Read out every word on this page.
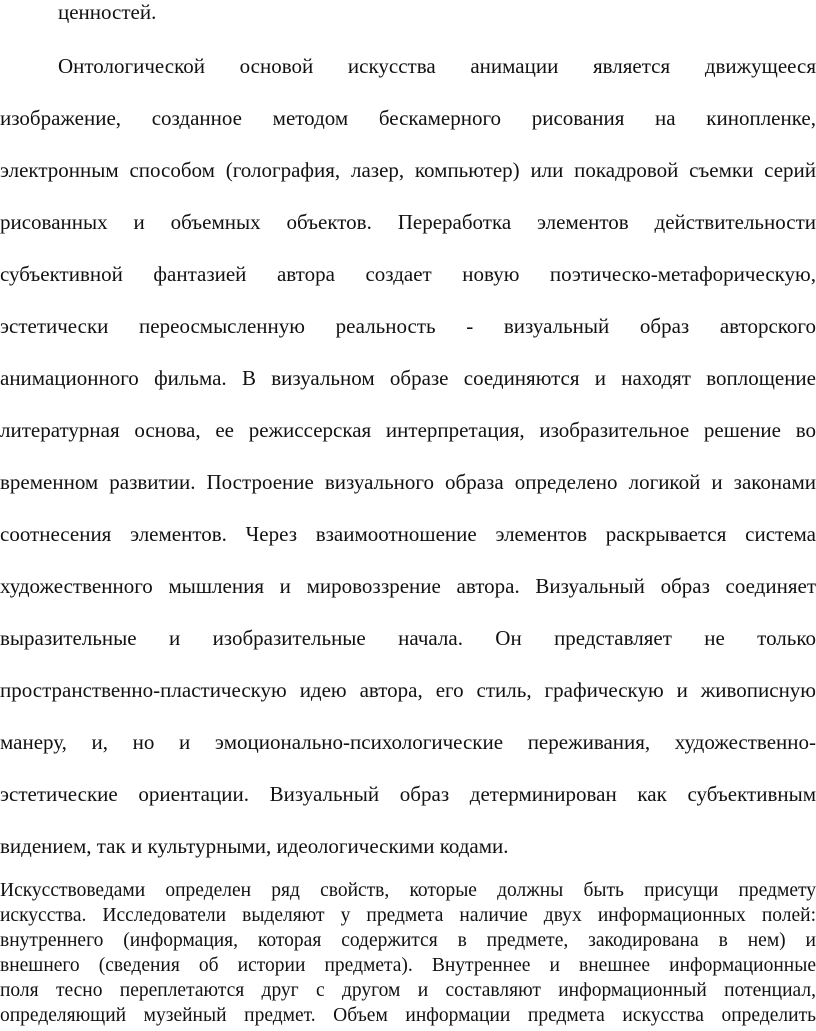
ценностей.
Онтологической основой искусства анимации является движущееся
изображение, созданное методом бескамерного рисования на кинопленке,
электронным способом (голография, лазер, компьютер) или покадровой съемки серий
рисованных и объемных объектов. Переработка элементов действительности
субъективной фантазией автора создает новую поэтическо-метафорическую,
эстетически переосмысленную реальность - визуальный образ авторского
анимационного фильма. В визуальном образе соединяются и находят воплощение
литературная основа, ее режиссерская интерпретация, изобразительное решение во
временном развитии. Построение визуального образа определено логикой и законами
соотнесения элементов. Через взаимоотношение элементов раскрывается система
художественного мышления и мировоззрение автора. Визуальный образ соединяет
выразительные и изобразительные начала. Он представляет не только
пространственно-пластическую идею автора, его стиль, графическую и живописную
манеру, и, но и эмоционально-психологические переживания, художественно-
эстетические ориентации. Визуальный образ детерминирован как субъективным
видением, так и культурными, идеологическими кодами.
Искусствоведами определен ряд свойств, которые должны быть присущи предмету
искусства. Исследователи выделяют у предмета наличие двух информационных полей:
внутреннего (информация, которая содержится в предмете, закодирована в нем) и
внешнего (сведения об истории предмета). Внутреннее и внешнее информационные
поля тесно переплетаются друг с другом и составляют информационный потенциал,
определяющий музейный предмет. Объем информации предмета искусства определить
